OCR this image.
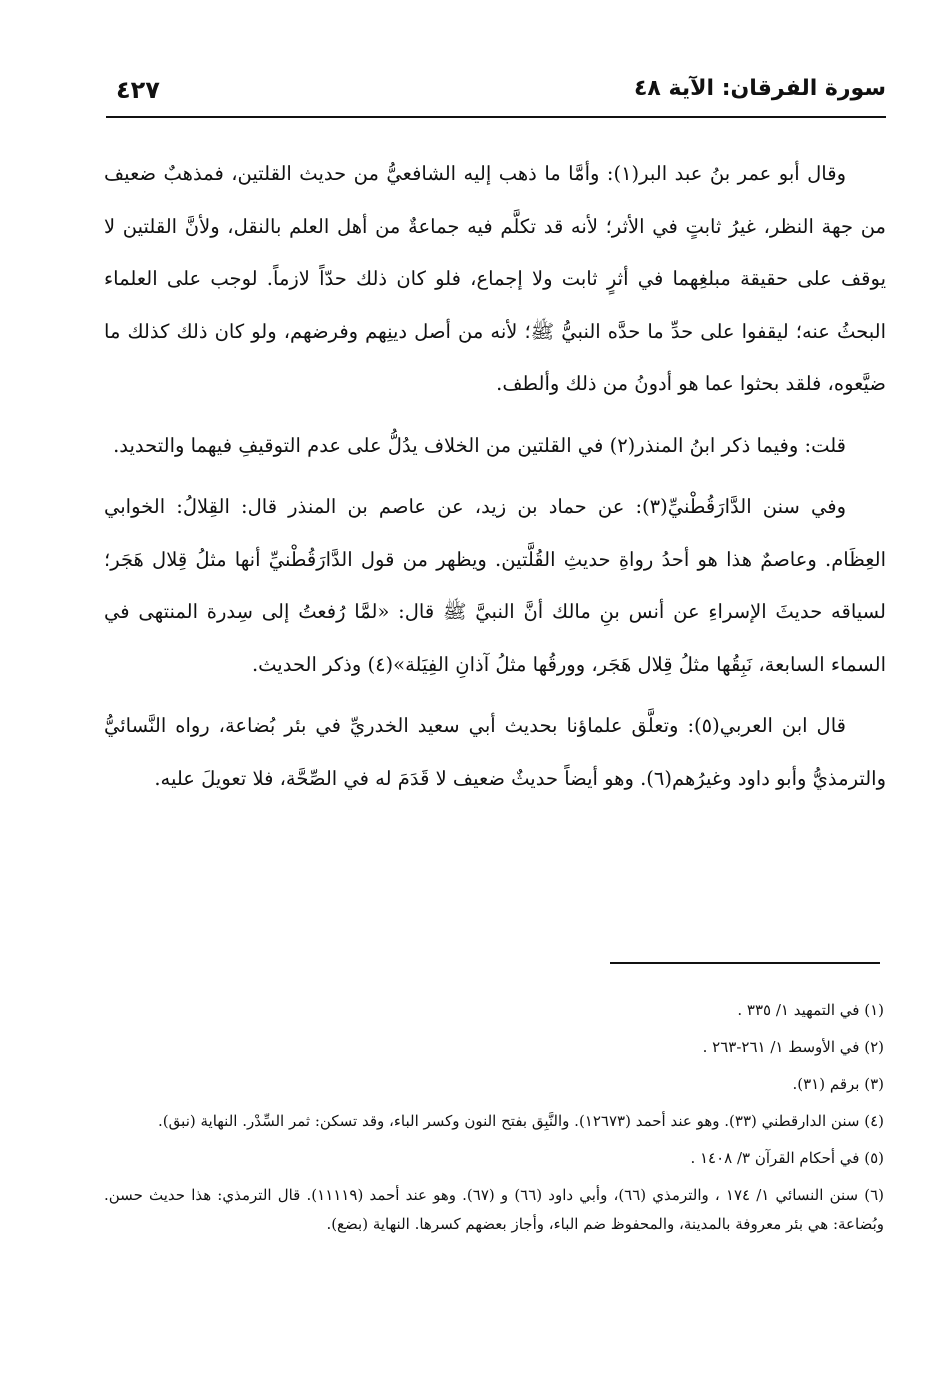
سورة الفرقان: الآية ٤٨
٤٢٧

وقال أبو عمر بنُ عبد البر(١): وأمَّا ما ذهب إليه الشافعيُّ من حديث القلتين، فمذهبٌ ضعيف من جهة النظر، غيرُ ثابتٍ في الأثر؛ لأنه قد تكلَّم فيه جماعةٌ من أهل العلم بالنقل، ولأنَّ القلتين لا يوقف على حقيقة مبلغِهما في أثرٍ ثابت ولا إجماع، فلو كان ذلك حدّاً لازماً. لوجب على العلماء البحثُ عنه؛ ليقفوا على حدِّ ما حدَّه النبيُّ ﷺ؛ لأنه من أصل دينِهم وفرضهم، ولو كان ذلك كذلك ما ضيَّعوه، فلقد بحثوا عما هو أدونُ من ذلك وألطف.

قلت: وفيما ذكر ابنُ المنذر(٢) في القلتين من الخلاف يدُلُّ على عدم التوقيفِ فيهما والتحديد.

وفي سنن الدَّارَقُطْنيِّ(٣): عن حماد بن زيد، عن عاصم بن المنذر قال: القِلالُ: الخوابي العِظَام. وعاصمٌ هذا هو أحدُ رواةِ حديثِ القُلَّتين. ويظهر من قول الدَّارَقُطْنيِّ أنها مثلُ قِلال هَجَر؛ لسياقه حديثَ الإسراءِ عن أنس بنِ مالك أنَّ النبيَّ ﷺ قال: «لمَّا رُفعتُ إلى سِدرة المنتهى في السماء السابعة، نَبِقُها مثلُ قِلال هَجَر، وورقُها مثلُ آذانِ الفِيَلة»(٤) وذكر الحديث.

قال ابن العربي(٥): وتعلَّق علماؤنا بحديث أبي سعيد الخدريِّ في بئر بُضاعة، رواه النَّسائيُّ والترمذيُّ وأبو داود وغيرُهم(٦). وهو أيضاً حديثٌ ضعيف لا قَدَمَ له في الصِّحَّة، فلا تعويلَ عليه.

(١) في التمهيد ١/ ٣٣٥ .

(٢) في الأوسط ١/ ٢٦١-٢٦٣ .

(٣) برقم (٣١).

(٤) سنن الدارقطني (٣٣). وهو عند أحمد (١٢٦٧٣). والنَّبِق بفتح النون وكسر الباء، وقد تسكن: ثمر السِّدْر. النهاية (نبق).

(٥) في أحكام القرآن ٣/ ١٤٠٨ .

(٦) سنن النسائي ١/ ١٧٤ ، والترمذي (٦٦)، وأبي داود (٦٦) و (٦٧). وهو عند أحمد (١١١١٩). قال الترمذي: هذا حديث حسن. وبُضاعة: هي بئر معروفة بالمدينة، والمحفوظ ضم الباء، وأجاز بعضهم كسرها. النهاية (بضع).
